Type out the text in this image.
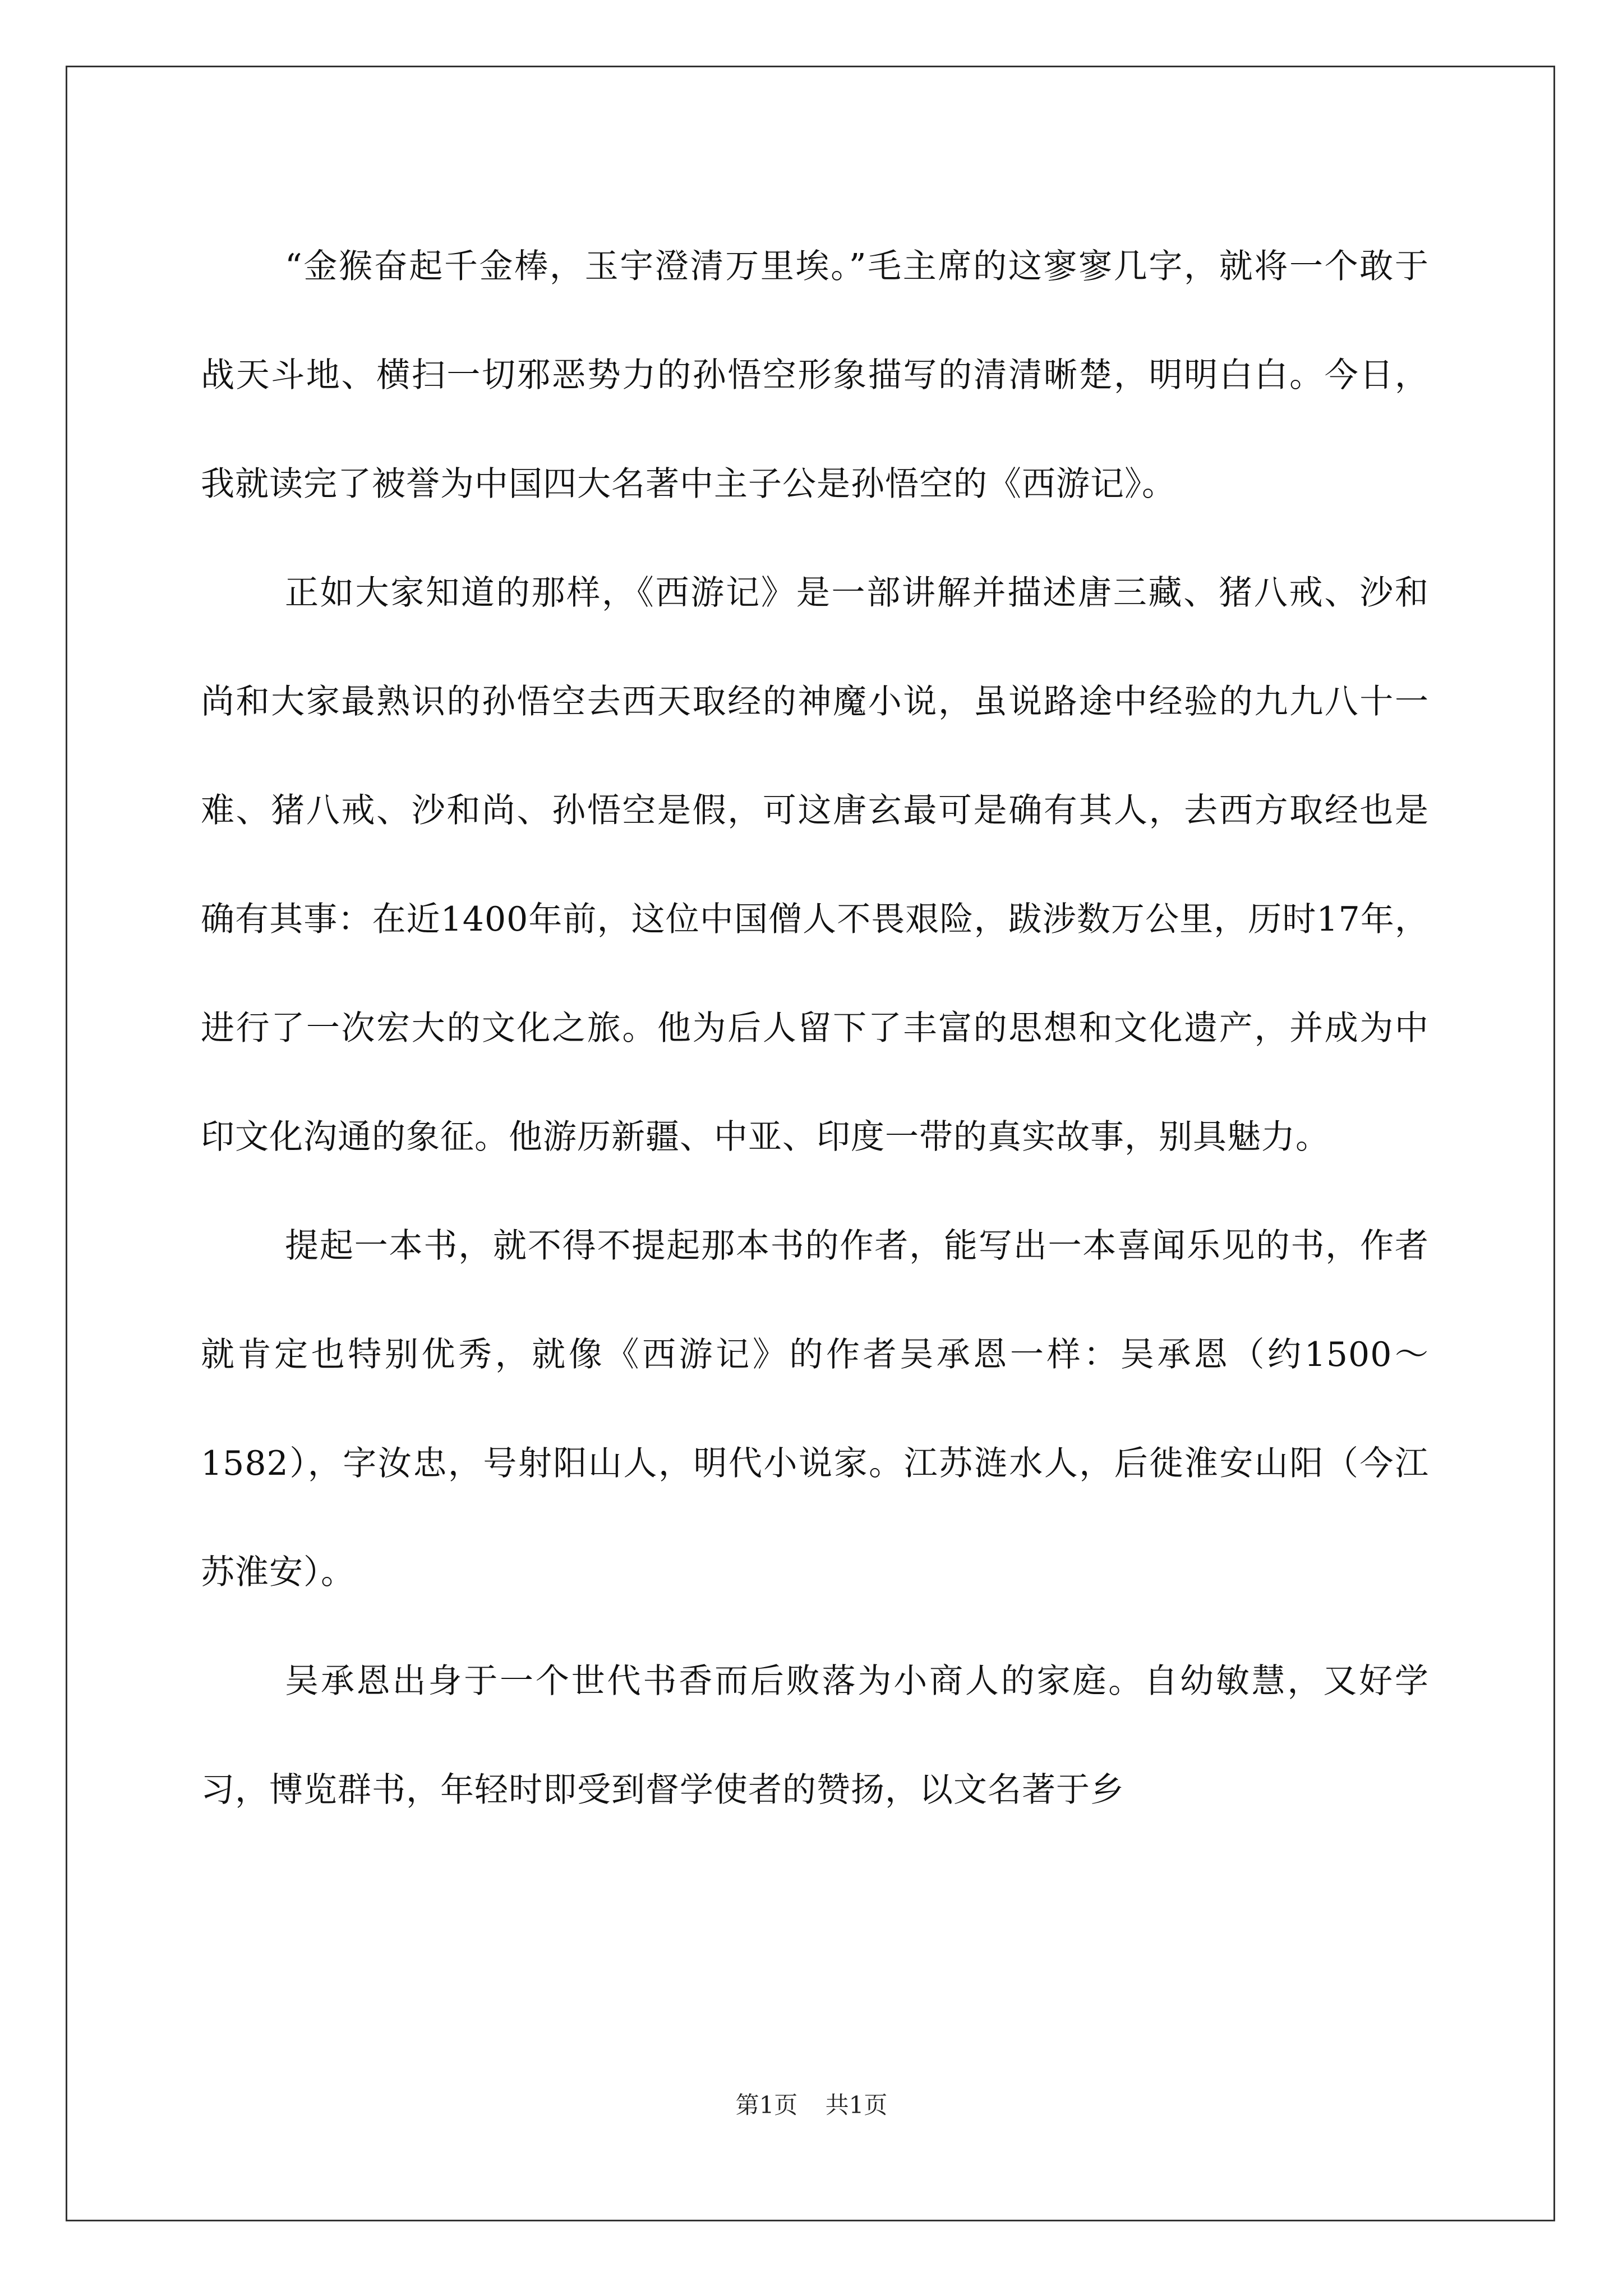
“金猴奋起千金棒，玉宇澄清万里埃。”毛主席的这寥寥几字，就将一个敢于战天斗地、横扫一切邪恶势力的孙悟空形象描写的清清晰楚，明明白白。今日，我就读完了被誉为中国四大名著中主子公是孙悟空的《西游记》。

正如大家知道的那样，《西游记》是一部讲解并描述唐三藏、猪八戒、沙和尚和大家最熟识的孙悟空去西天取经的神魔小说，虽说路途中经验的九九八十一难、猪八戒、沙和尚、孙悟空是假，可这唐玄最可是确有其人，去西方取经也是确有其事：在近1400年前，这位中国僧人不畏艰险，跋涉数万公里，历时17年，进行了一次宏大的文化之旅。他为后人留下了丰富的思想和文化遗产，并成为中印文化沟通的象征。他游历新疆、中亚、印度一带的真实故事，别具魅力。

提起一本书，就不得不提起那本书的作者，能写出一本喜闻乐见的书，作者就肯定也特别优秀，就像《西游记》的作者吴承恩一样：吴承恩（约1500～1582），字汝忠，号射阳山人，明代小说家。江苏涟水人，后徙淮安山阳（今江苏淮安）。

吴承恩出身于一个世代书香而后败落为小商人的家庭。自幼敏慧，又好学习，博览群书，年轻时即受到督学使者的赞扬，以文名著于乡

第1页 共1页
